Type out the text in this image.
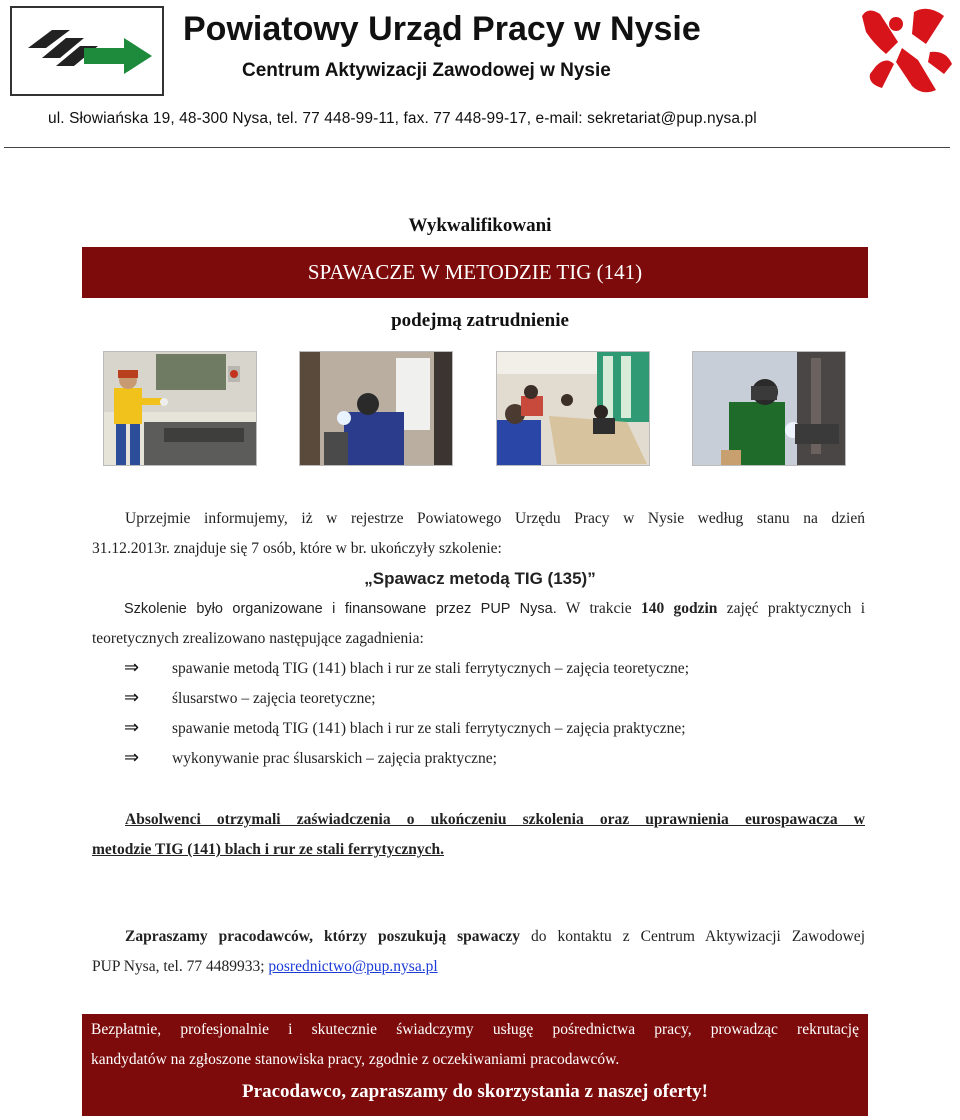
Powiatowy Urząd Pracy w Nysie
Centrum Aktywizacji Zawodowej w Nysie
ul. Słowiańska 19, 48-300 Nysa, tel. 77 448-99-11, fax. 77 448-99-17, e-mail: sekretariat@pup.nysa.pl
Wykwalifikowani
SPAWACZE W METODZIE TIG (141)
podejmą zatrudnienie
Uprzejmie informujemy, iż w rejestrze Powiatowego Urzędu Pracy w Nysie według stanu na dzień
31.12.2013r. znajduje się 7 osób, które w br. ukończyły szkolenie:
„Spawacz metodą TIG (135)”
Szkolenie było organizowane i finansowane przez PUP Nysa. W trakcie 140 godzin zajęć praktycznych i
teoretycznych zrealizowano następujące zagadnienia:
⇒ spawanie metodą TIG (141) blach i rur ze stali ferrytycznych – zajęcia teoretyczne;
⇒ ślusarstwo – zajęcia teoretyczne;
⇒ spawanie metodą TIG (141) blach i rur ze stali ferrytycznych – zajęcia praktyczne;
⇒ wykonywanie prac ślusarskich – zajęcia praktyczne;
Absolwenci otrzymali zaświadczenia o ukończeniu szkolenia oraz uprawnienia eurospawacza w
metodzie TIG (141) blach i rur ze stali ferrytycznych.
Zapraszamy pracodawców, którzy poszukują spawaczy do kontaktu z Centrum Aktywizacji Zawodowej
PUP Nysa, tel. 77 4489933; posrednictwo@pup.nysa.pl
Bezpłatnie, profesjonalnie i skutecznie świadczymy usługę pośrednictwa pracy, prowadząc rekrutację
kandydatów na zgłoszone stanowiska pracy, zgodnie z oczekiwaniami pracodawców.
Pracodawco, zapraszamy do skorzystania z naszej oferty!
